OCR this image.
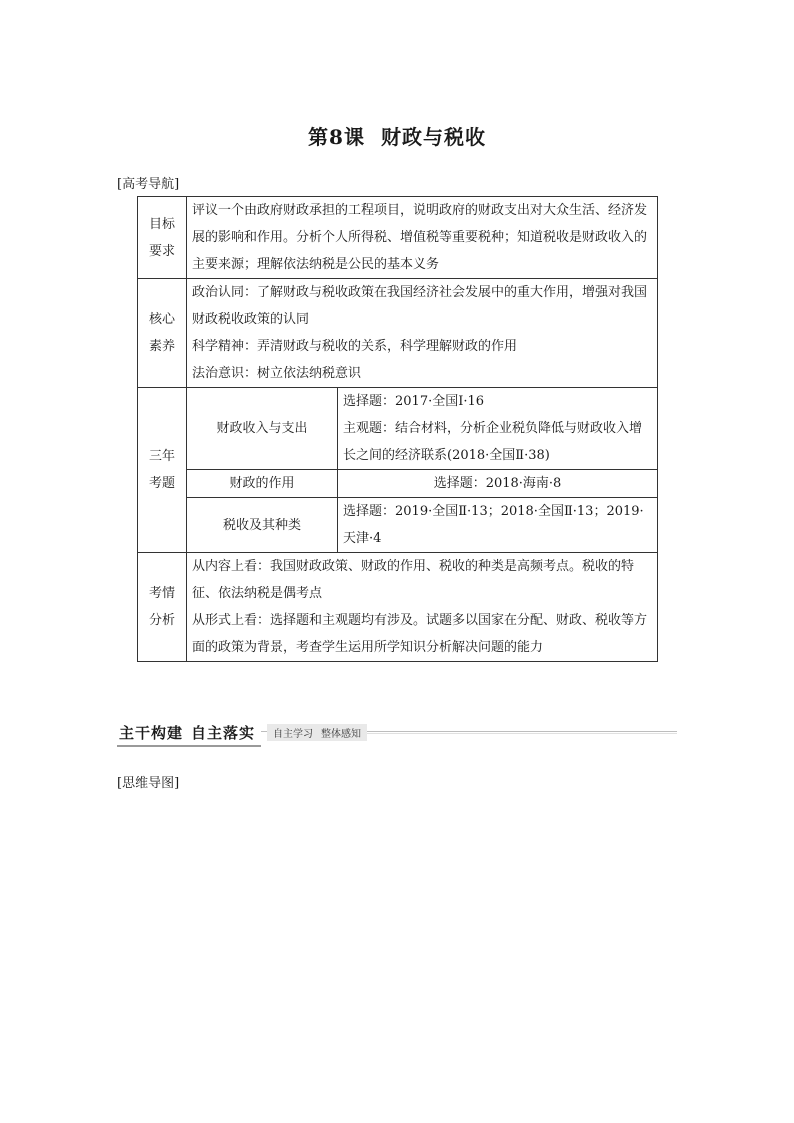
第8课 财政与税收
[高考导航]
目标要求	评议一个由政府财政承担的工程项目，说明政府的财政支出对大众生活、经济发展的影响和作用。分析个人所得税、增值税等重要税种；知道税收是财政收入的主要来源；理解依法纳税是公民的基本义务	
核心素养	政治认同：了解财政与税收政策在我国经济社会发展中的重大作用，增强对我国财政税收政策的认同
科学精神：弄清财政与税收的关系，科学理解财政的作用
法治意识：树立依法纳税意识	

三年考题	财政收入与支出	选择题：2017·全国Ⅰ·16
主观题：结合材料，分析企业税负降低与财政收入增长之间的经济联系(2018·全国Ⅱ·38)

	财政的作用	选择题：2018·海南·8
	税收及其种类	选择题：2019·全国Ⅱ·13；2018·全国Ⅱ·13；2019·天津·4
考情分析	从内容上看：我国财政政策、财政的作用、税收的种类是高频考点。税收的特征、依法纳税是偶考点
从形式上看：选择题和主观题均有涉及。试题多以国家在分配、财政、税收等方面的政策为背景，考查学生运用所学知识分析解决问题的能力	
主干构建 自主落实	自主学习 整体感知
[思维导图]
